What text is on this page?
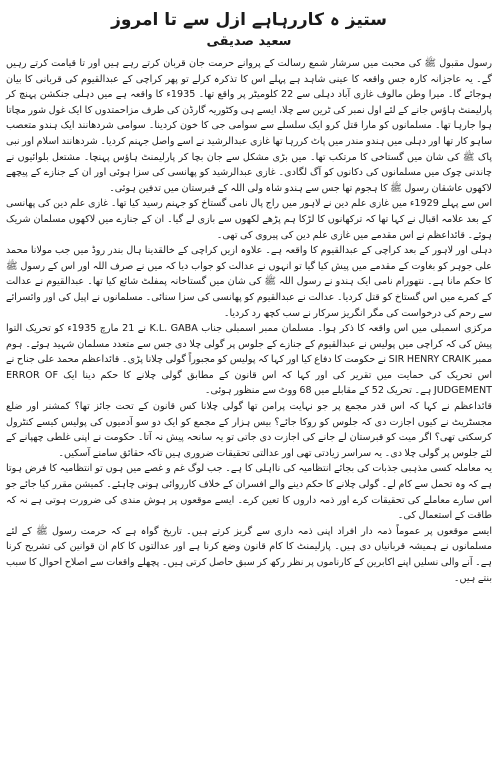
ستیز ہ کاررہاہے ازل سے تا امروز
سعید صدیقی

رسول مقبول ﷺ کی محبت میں سرشار شمع رسالت کے پروانے حرمت جان قربان کرتے رہے ہیں اور تا قیامت کرتے رہیں گے۔ یہ عاجزانہ کارہ جس واقعہ کا عینی شاہد ہے پہلے اس کا تذکرہ کرلے تو پھر کراچی کے عبدالقیوم کی قربانی کا بیان ہوجائے گا۔ میرا وطن مالوف غازی آباد دہلی سے 22 کلومیٹر پر واقع تھا۔ 1935ء کا واقعہ ہے میں دہلی جنکشن پہنچ کر پارلیمنٹ ہاؤس جانے کے لئے اول نمبر کی ٹرین سے چلا، ایسے ہی وکٹوریہ گارڈن کی طرف مزاحمتدوں کا ایک غول شور مچاتا ہوا جارہا تھا۔ مسلمانوں کو مارا قتل کرو ایک سلسلے سے سوامی جی کا خون کردینا۔ سوامی شردھانند ایک ہندو متعصب ساہو کار تھا اور دہلی میں ہندو مندر میں پاٹ کررہا تھا غازی عبدالرشید نے اسے واصل جہنم کردیا۔ شردھانند اسلام اور نبی پاک ﷺ کی شان میں گستاخی کا مرتکب تھا۔ میں بڑی مشکل سے جان بچا کر پارلیمنٹ ہاؤس پہنچا۔ مشتعل بلوائیوں نے چاندنی چوک میں مسلمانوں کی دکانوں کو آگ لگادی۔ غازی عبدالرشید کو پھانسی کی سزا ہوئی اور ان کے جنازے کے پیچھے لاکھوں عاشقان رسول ﷺ کا ہجوم تھا جس سے ہندو شاہ ولی اللہ کے قبرستان میں تدفین ہوئی۔

اس سے پہلے 1929ء میں غازی علم دین نے لاہور میں راج پال نامی گستاخ کو جہنم رسید کیا تھا۔ غازی علم دین کی پھانسی کے بعد علامہ اقبال نے کہا تھا کہ ترکھانوں کا لڑکا ہم پڑھے لکھوں سے بازی لے گیا۔ ان کے جنازے میں لاکھوں مسلمان شریک ہوئے۔ قائداعظم نے اس مقدمے میں غازی علم دین کی پیروی کی تھی۔

دہلی اور لاہور کے بعد کراچی کے عبدالقیوم کا واقعہ ہے۔ علاوہ ازیں کراچی کے خالقدینا ہال بندر روڈ میں جب مولانا محمد علی جوہر کو بغاوت کے مقدمے میں پیش کیا گیا تو انہوں نے عدالت کو جواب دیا کہ میں نے صرف اللہ اور اس کے رسول ﷺ کا حکم مانا ہے۔ نتھورام نامی ایک ہندو نے رسول اللہ ﷺ کی شان میں گستاخانہ پمفلٹ شائع کیا تھا۔ عبدالقیوم نے عدالت کے کمرے میں اس گستاخ کو قتل کردیا۔ عدالت نے عبدالقیوم کو پھانسی کی سزا سنائی۔ مسلمانوں نے اپیل کی اور وائسرائے سے رحم کی درخواست کی مگر انگریز سرکار نے سب کچھ رد کردیا۔

مرکزی اسمبلی میں اس واقعہ کا ذکر ہوا۔ مسلمان ممبر اسمبلی جناب K.L. GABA نے 21 مارچ 1935ء کو تحریک التوا پیش کی کہ کراچی میں پولیس نے عبدالقیوم کے جنازے کے جلوس پر گولی چلا دی جس سے متعدد مسلمان شہید ہوئے۔ ہوم ممبر SIR HENRY CRAIK نے حکومت کا دفاع کیا اور کہا کہ پولیس کو مجبوراً گولی چلانا پڑی۔ قائداعظم محمد علی جناح نے اس تحریک کی حمایت میں تقریر کی اور کہا کہ اس قانون کے مطابق گولی چلانے کا حکم دینا ایک ERROR OF JUDGEMENT ہے۔ تحریک 52 کے مقابلے میں 68 ووٹ سے منظور ہوئی۔

قائداعظم نے کہا کہ اس قدر مجمع پر جو نہایت پرامن تھا گولی چلانا کس قانون کے تحت جائز تھا؟ کمشنر اور ضلع مجسٹریٹ نے کیوں اجازت دی کہ جلوس کو روکا جائے؟ بیس ہزار کے مجمع کو ایک دو سو آدمیوں کی پولیس کیسے کنٹرول کرسکتی تھی؟ اگر میت کو قبرستان لے جانے کی اجازت دی جاتی تو یہ سانحہ پیش نہ آتا۔ حکومت نے اپنی غلطی چھپانے کے لئے جلوس پر گولی چلا دی۔ یہ سراسر زیادتی تھی اور عدالتی تحقیقات ضروری ہیں تاکہ حقائق سامنے آسکیں۔

یہ معاملہ کسی مذہبی جذبات کی بجائے انتظامیہ کی نااہلی کا ہے۔ جب لوگ غم و غصے میں ہوں تو انتظامیہ کا فرض ہوتا ہے کہ وہ تحمل سے کام لے۔ گولی چلانے کا حکم دینے والے افسران کے خلاف کارروائی ہونی چاہئے۔ کمیشن مقرر کیا جائے جو اس سارے معاملے کی تحقیقات کرے اور ذمہ داروں کا تعین کرے۔ ایسے موقعوں پر ہوش مندی کی ضرورت ہوتی ہے نہ کہ طاقت کے استعمال کی۔

ایسے موقعوں پر عموماً ذمہ دار افراد اپنی ذمہ داری سے گریز کرتے ہیں۔ تاریخ گواہ ہے کہ حرمت رسول ﷺ کے لئے مسلمانوں نے ہمیشہ قربانیاں دی ہیں۔ پارلیمنٹ کا کام قانون وضع کرنا ہے اور عدالتوں کا کام ان قوانین کی تشریح کرنا ہے۔ آنے والی نسلیں اپنے اکابرین کے کارناموں پر نظر رکھ کر سبق حاصل کرتی ہیں۔ پچھلے واقعات سے اصلاح احوال کا سبب بنتے ہیں۔
